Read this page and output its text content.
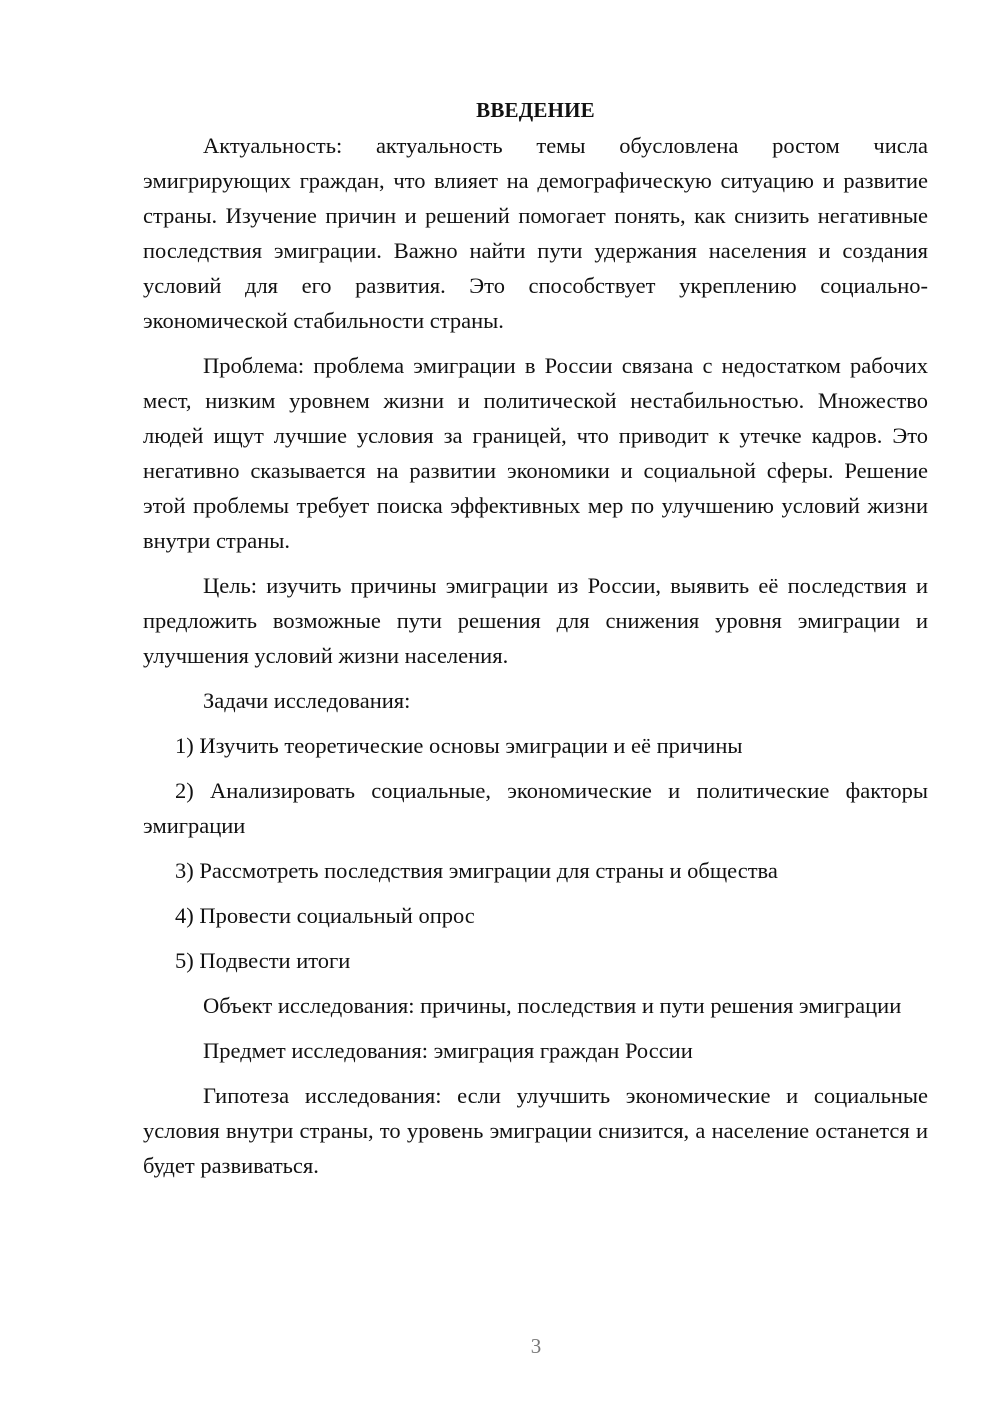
ВВЕДЕНИЕ

Актуальность: актуальность темы обусловлена ростом числа эмигрирующих граждан, что влияет на демографическую ситуацию и развитие страны. Изучение причин и решений помогает понять, как снизить негативные последствия эмиграции. Важно найти пути удержания населения и создания условий для его развития. Это способствует укреплению социально-экономической стабильности страны.

Проблема: проблема эмиграции в России связана с недостатком рабочих мест, низким уровнем жизни и политической нестабильностью. Множество людей ищут лучшие условия за границей, что приводит к утечке кадров. Это негативно сказывается на развитии экономики и социальной сферы. Решение этой проблемы требует поиска эффективных мер по улучшению условий жизни внутри страны.

Цель: изучить причины эмиграции из России, выявить её последствия и предложить возможные пути решения для снижения уровня эмиграции и улучшения условий жизни населения.

Задачи исследования:

1) Изучить теоретические основы эмиграции и её причины

2) Анализировать социальные, экономические и политические факторы эмиграции

3) Рассмотреть последствия эмиграции для страны и общества

4) Провести социальный опрос

5) Подвести итоги

Объект исследования: причины, последствия и пути решения эмиграции

Предмет исследования: эмиграция граждан России

Гипотеза исследования: если улучшить экономические и социальные условия внутри страны, то уровень эмиграции снизится, а население останется и будет развиваться.

3
